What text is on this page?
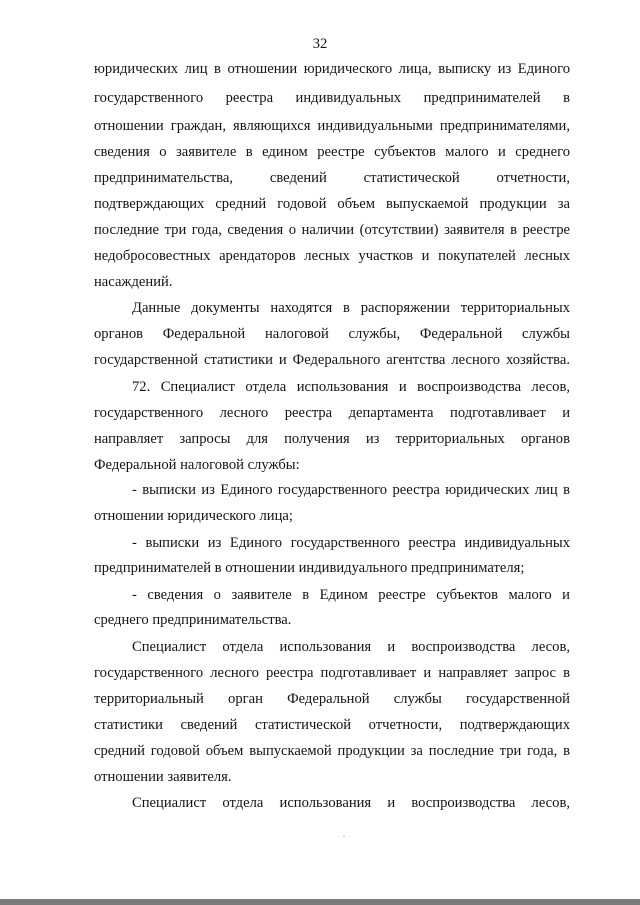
32
юридических лиц в отношении юридического лица, выписку из Единого
государственного реестра индивидуальных предпринимателей в
отношении граждан, являющихся индивидуальными предпринимателями,
сведения о заявителе в едином реестре субъектов малого и среднего
предпринимательства, сведений статистической отчетности,
подтверждающих средний годовой объем выпускаемой продукции за
последние три года, сведения о наличии (отсутствии) заявителя в реестре
недобросовестных арендаторов лесных участков и покупателей лесных
насаждений.
Данные документы находятся в распоряжении территориальных
органов Федеральной налоговой службы, Федеральной службы
государственной статистики и Федерального агентства лесного хозяйства.
72. Специалист отдела использования и воспроизводства лесов,
государственного лесного реестра департамента подготавливает и
направляет запросы для получения из территориальных органов
Федеральной налоговой службы:
- выписки из Единого государственного реестра юридических лиц в
отношении юридического лица;
- выписки из Единого государственного реестра индивидуальных
предпринимателей в отношении индивидуального предпринимателя;
- сведения о заявителе в Едином реестре субъектов малого и
среднего предпринимательства.
Специалист отдела использования и воспроизводства лесов,
государственного лесного реестра подготавливает и направляет запрос в
территориальный орган Федеральной службы государственной
статистики сведений статистической отчетности, подтверждающих
средний годовой объем выпускаемой продукции за последние три года, в
отношении заявителя.
Специалист отдела использования и воспроизводства лесов,
